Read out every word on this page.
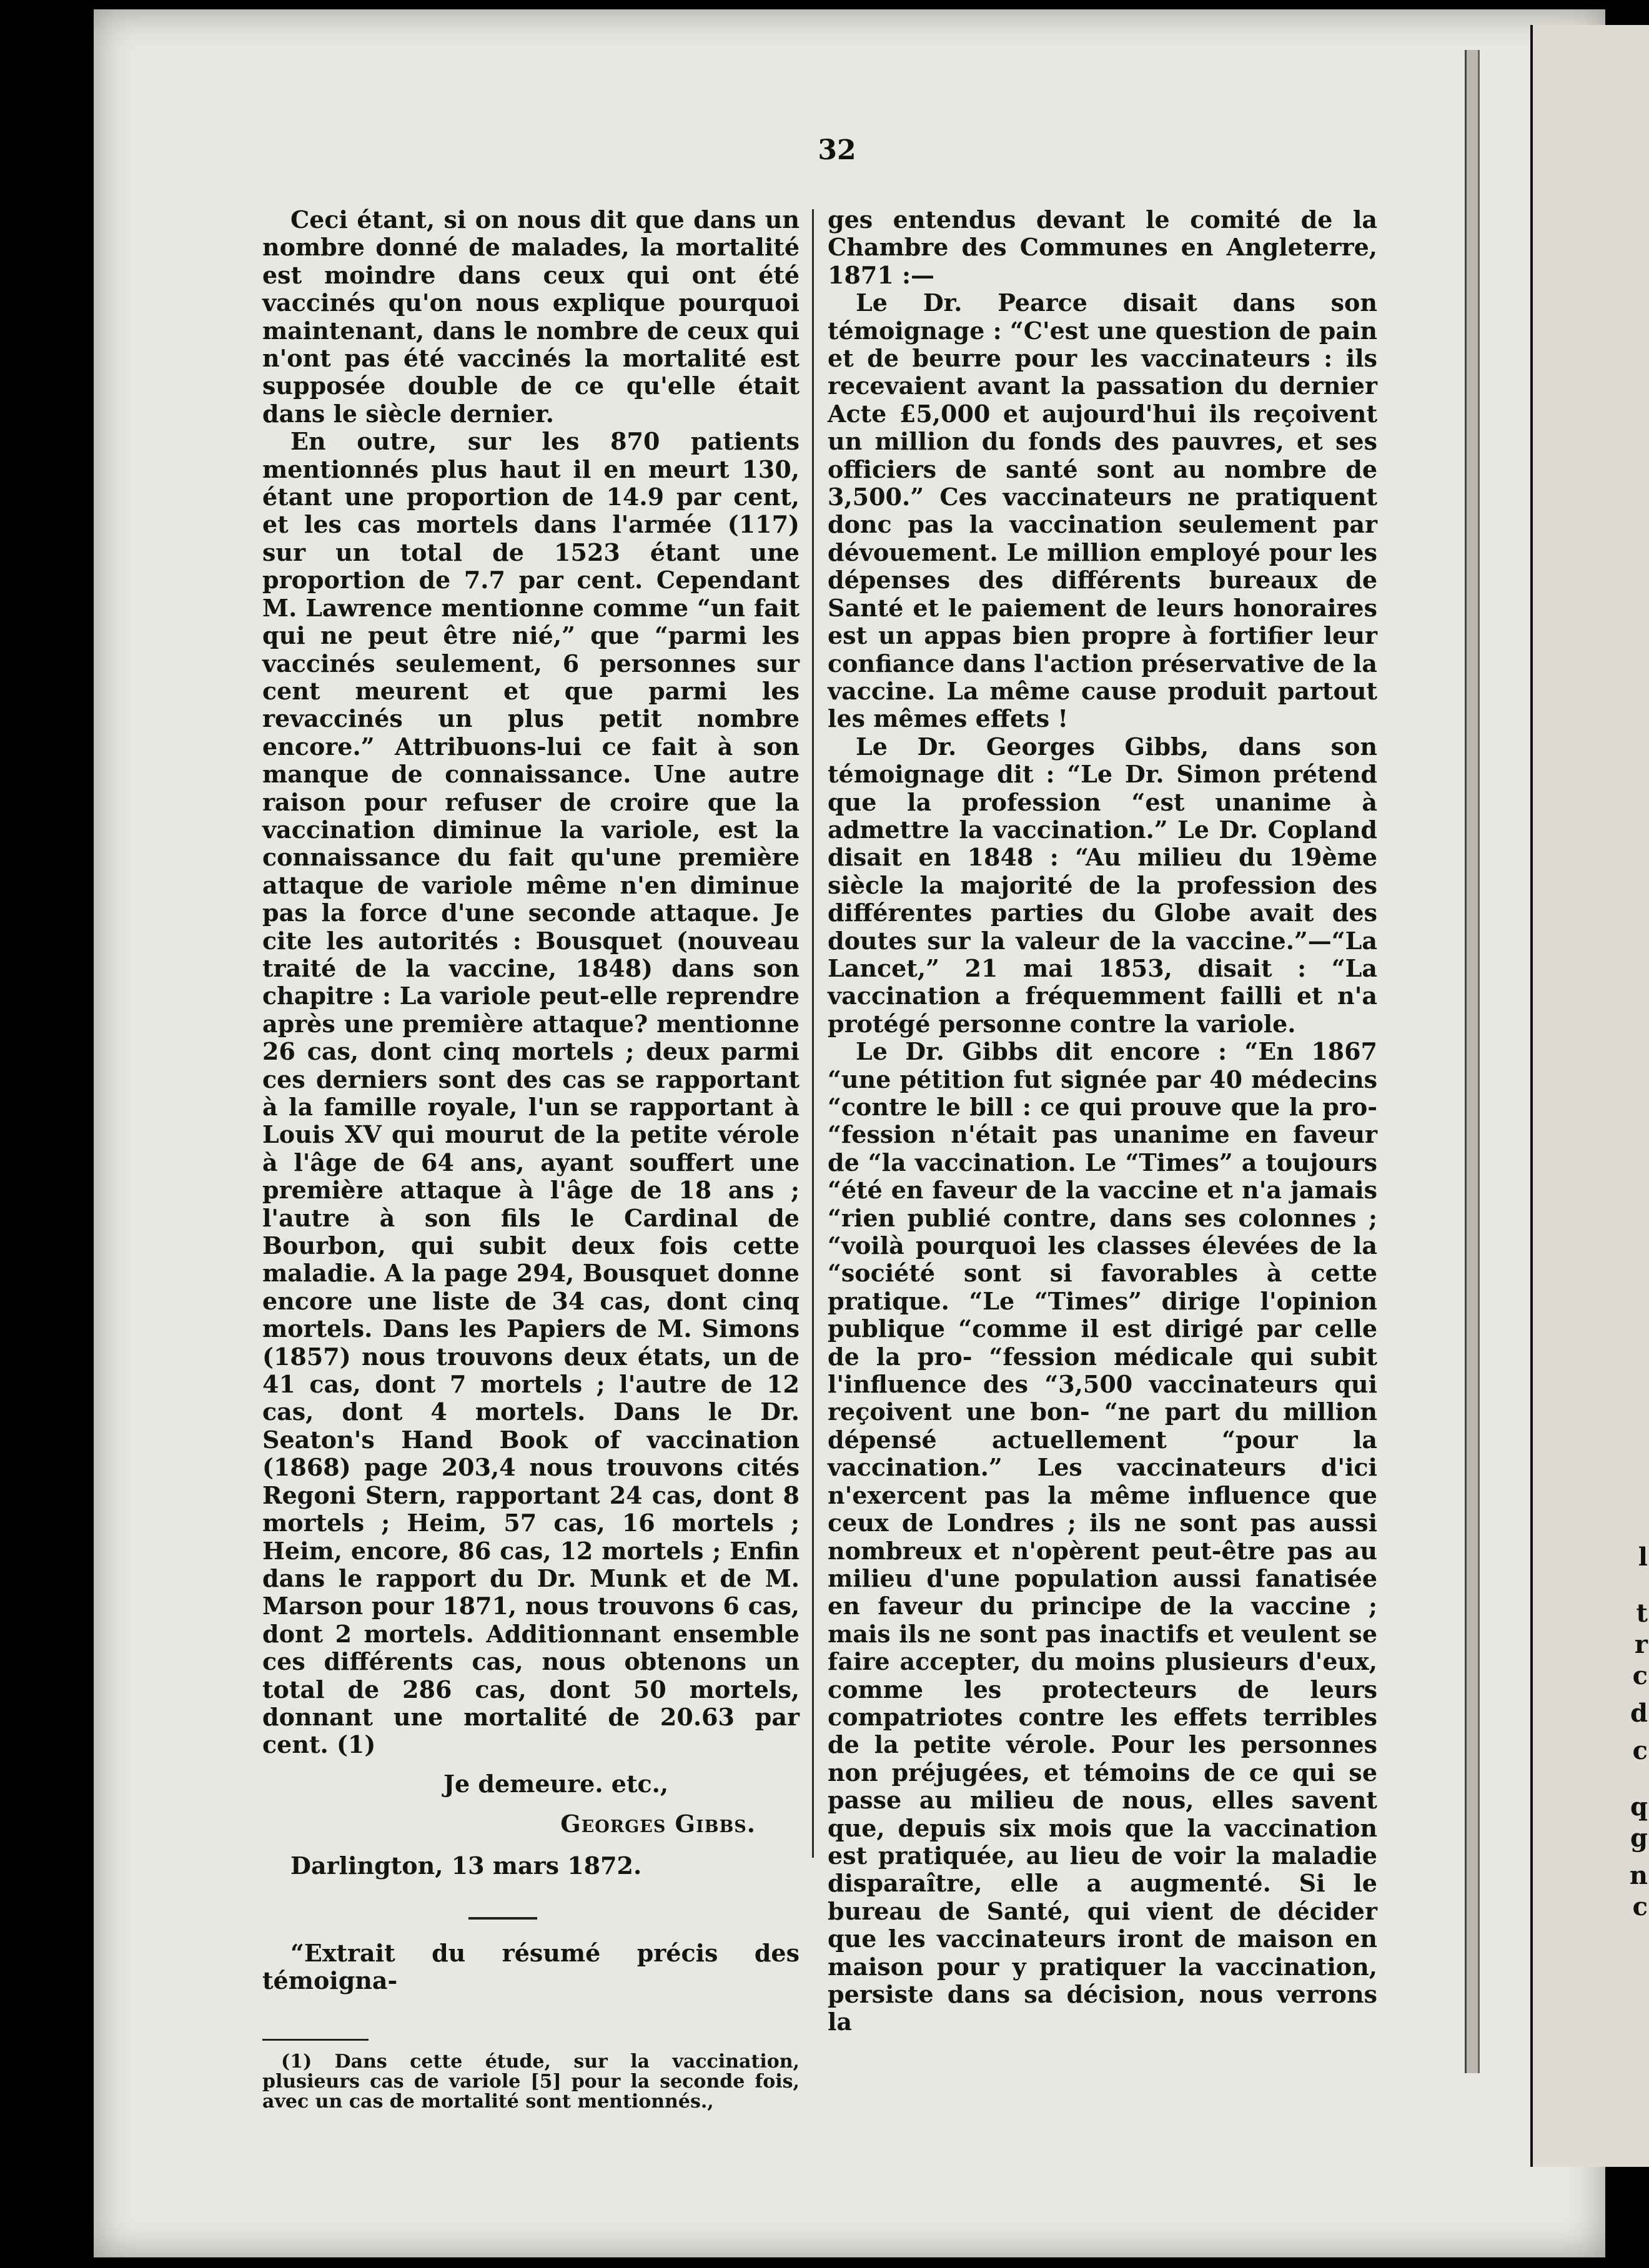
l
t
r
c
d
c
q
g
n
c
32

Ceci étant, si on nous dit que dans un nombre donné de malades, la mortalité est moindre dans ceux qui ont été vaccinés qu'on nous explique pourquoi maintenant, dans le nombre de ceux qui n'ont pas été vaccinés la mortalité est supposée double de ce qu'elle était dans le siècle dernier.

En outre, sur les 870 patients mentionnés plus haut il en meurt 130, étant une proportion de 14.9 par cent, et les cas mortels dans l'armée (117) sur un total de 1523 étant une proportion de 7.7 par cent. Cependant M. Lawrence mentionne comme “un fait qui ne peut être nié,” que “parmi les vaccinés seulement, 6 personnes sur cent meurent et que parmi les revaccinés un plus petit nombre encore.” Attribuons-lui ce fait à son manque de connaissance. Une autre raison pour refuser de croire que la vaccination diminue la variole, est la connaissance du fait qu'une première attaque de variole même n'en diminue pas la force d'une seconde attaque. Je cite les autorités : Bousquet (nouveau traité de la vaccine, 1848) dans son chapitre : La variole peut-elle reprendre après une première attaque? mentionne 26 cas, dont cinq mortels ; deux parmi ces derniers sont des cas se rapportant à la famille royale, l'un se rapportant à Louis XV qui mourut de la petite vérole à l'âge de 64 ans, ayant souffert une première attaque à l'âge de 18 ans ; l'autre à son fils le Cardinal de Bourbon, qui subit deux fois cette maladie. A la page 294, Bousquet donne encore une liste de 34 cas, dont cinq mortels. Dans les Papiers de M. Simons (1857) nous trouvons deux états, un de 41 cas, dont 7 mortels ; l'autre de 12 cas, dont 4 mortels. Dans le Dr. Seaton's Hand Book of vaccination (1868) page 203,4 nous trouvons cités Regoni Stern, rapportant 24 cas, dont 8 mortels ; Heim, 57 cas, 16 mortels ; Heim, encore, 86 cas, 12 mortels ; Enfin dans le rapport du Dr. Munk et de M. Marson pour 1871, nous trouvons 6 cas, dont 2 mortels. Additionnant ensemble ces différents cas, nous obtenons un total de 286 cas, dont 50 mortels, donnant une mortalité de 20.63 par cent. (1)

Je demeure. etc.,

Georges Gibbs.

Darlington, 13 mars 1872.

“Extrait du résumé précis des témoigna-

(1) Dans cette étude, sur la vaccination, plusieurs cas de variole [5] pour la seconde fois, avec un cas de mortalité sont mentionnés.,

ges entendus devant le comité de la Chambre des Communes en Angleterre, 1871 :—

Le Dr. Pearce disait dans son témoignage : “C'est une question de pain et de beurre pour les vaccinateurs : ils recevaient avant la passation du dernier Acte £5,000 et aujourd'hui ils reçoivent un million du fonds des pauvres, et ses officiers de santé sont au nombre de 3,500.” Ces vaccinateurs ne pratiquent donc pas la vaccination seulement par dévouement. Le million employé pour les dépenses des différents bureaux de Santé et le paiement de leurs honoraires est un appas bien propre à fortifier leur confiance dans l'action préservative de la vaccine. La même cause produit partout les mêmes effets !

Le Dr. Georges Gibbs, dans son témoignage dit : “Le Dr. Simon prétend que la profession “est unanime à admettre la vaccination.” Le Dr. Copland disait en 1848 : “Au milieu du 19ème siècle la majorité de la profession des différentes parties du Globe avait des doutes sur la valeur de la vaccine.”—“La Lancet,” 21 mai 1853, disait : “La vaccination a fréquemment failli et n'a protégé personne contre la variole.

Le Dr. Gibbs dit encore : “En 1867 “une pétition fut signée par 40 médecins “contre le bill : ce qui prouve que la pro- “fession n'était pas unanime en faveur de “la vaccination. Le “Times” a toujours “été en faveur de la vaccine et n'a jamais “rien publié contre, dans ses colonnes ; “voilà pourquoi les classes élevées de la “société sont si favorables à cette pratique. “Le “Times” dirige l'opinion publique “comme il est dirigé par celle de la pro- “fession médicale qui subit l'influence des “3,500 vaccinateurs qui reçoivent une bon- “ne part du million dépensé actuellement “pour la vaccination.” Les vaccinateurs d'ici n'exercent pas la même influence que ceux de Londres ; ils ne sont pas aussi nombreux et n'opèrent peut-être pas au milieu d'une population aussi fanatisée en faveur du principe de la vaccine ; mais ils ne sont pas inactifs et veulent se faire accepter, du moins plusieurs d'eux, comme les protecteurs de leurs compatriotes contre les effets terribles de la petite vérole. Pour les personnes non préjugées, et témoins de ce qui se passe au milieu de nous, elles savent que, depuis six mois que la vaccination est pratiquée, au lieu de voir la maladie disparaître, elle a augmenté. Si le bureau de Santé, qui vient de décider que les vaccinateurs iront de maison en maison pour y pratiquer la vaccination, persiste dans sa décision, nous verrons la
